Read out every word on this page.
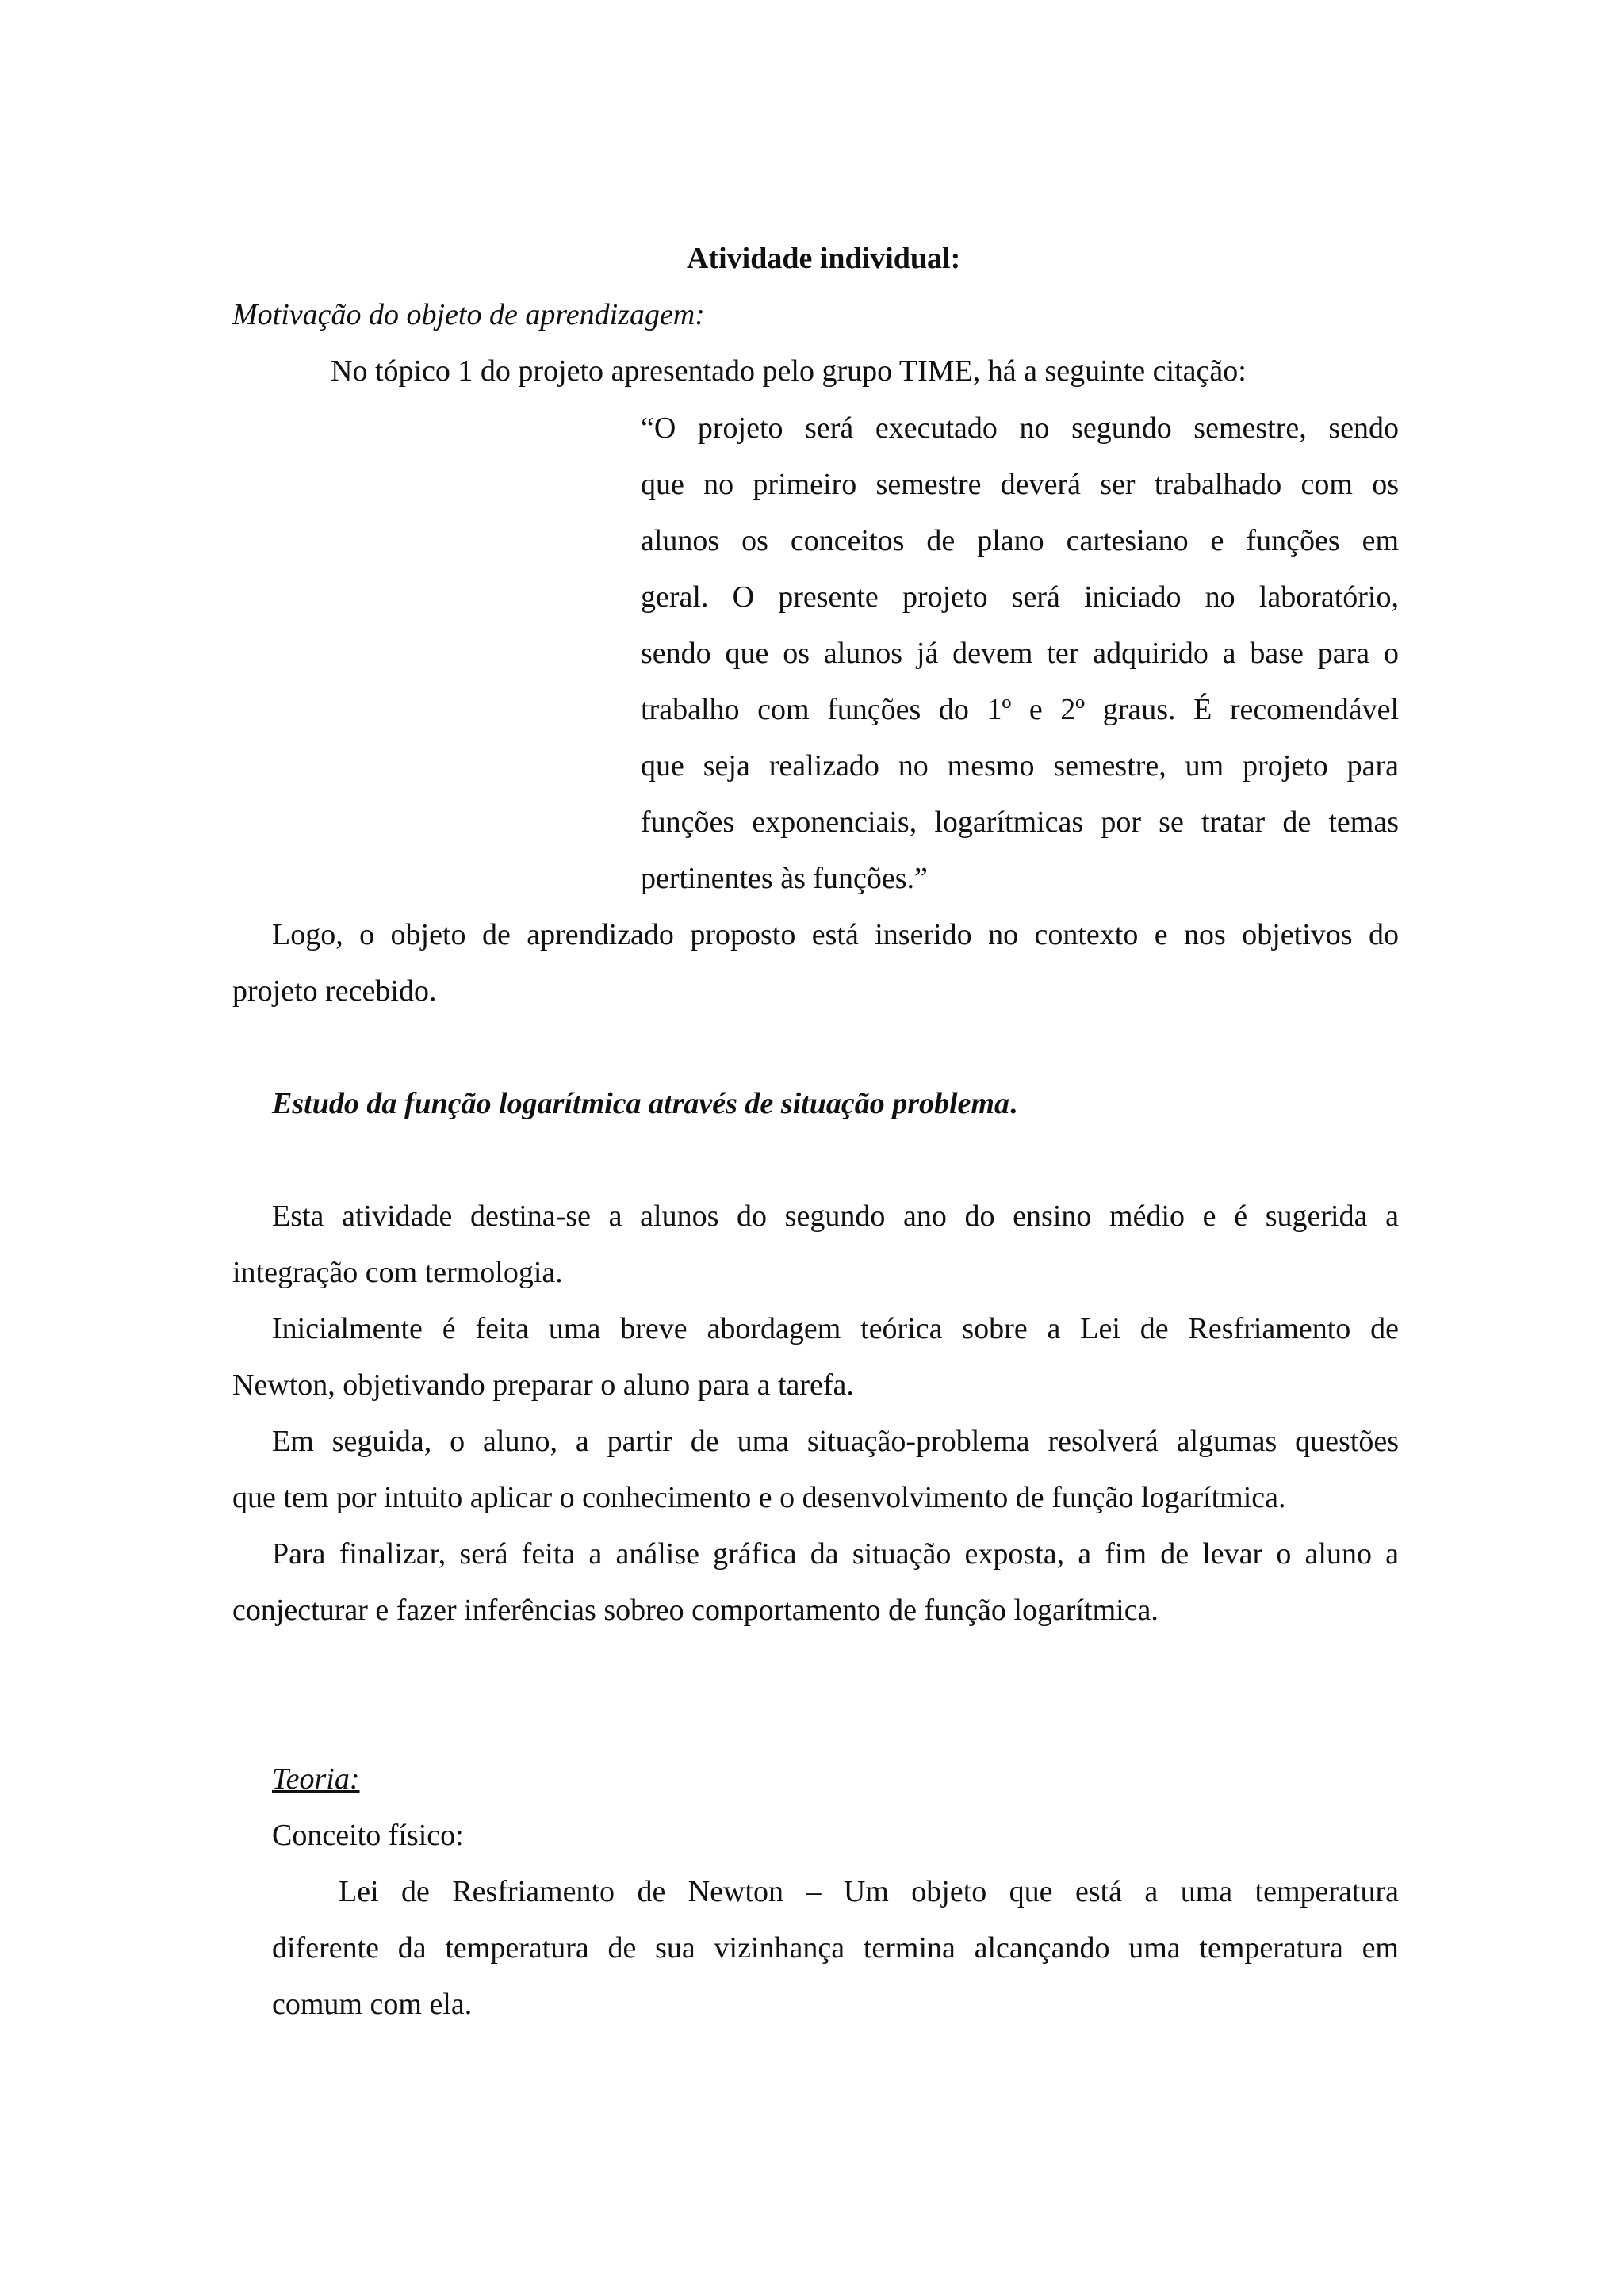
Atividade individual:
Motivação do objeto de aprendizagem:
No tópico 1 do projeto apresentado pelo grupo TIME, há a seguinte citação:
“O projeto será executado no segundo semestre, sendo
que no primeiro semestre deverá ser trabalhado com os
alunos os conceitos de plano cartesiano e funções em
geral. O presente projeto será iniciado no laboratório,
sendo que os alunos já devem ter adquirido a base para o
trabalho com funções do 1º e 2º graus. É recomendável
que seja realizado no mesmo semestre, um projeto para
funções exponenciais, logarítmicas por se tratar de temas
pertinentes às funções.”
Logo, o objeto de aprendizado proposto está inserido no contexto e nos objetivos do
projeto recebido.
Estudo da função logarítmica através de situação problema.
Esta atividade destina-se a alunos do segundo ano do ensino médio e é sugerida a
integração com termologia.
Inicialmente é feita uma breve abordagem teórica sobre a Lei de Resfriamento de
Newton, objetivando preparar o aluno para a tarefa.
Em seguida, o aluno, a partir de uma situação-problema resolverá algumas questões
que tem por intuito aplicar o conhecimento e o desenvolvimento de função logarítmica.
Para finalizar, será feita a análise gráfica da situação exposta, a fim de levar o aluno a
conjecturar e fazer inferências sobreo comportamento de função logarítmica.
Teoria:
Conceito físico:
Lei de Resfriamento de Newton – Um objeto que está a uma temperatura
diferente da temperatura de sua vizinhança termina alcançando uma temperatura em
comum com ela.
